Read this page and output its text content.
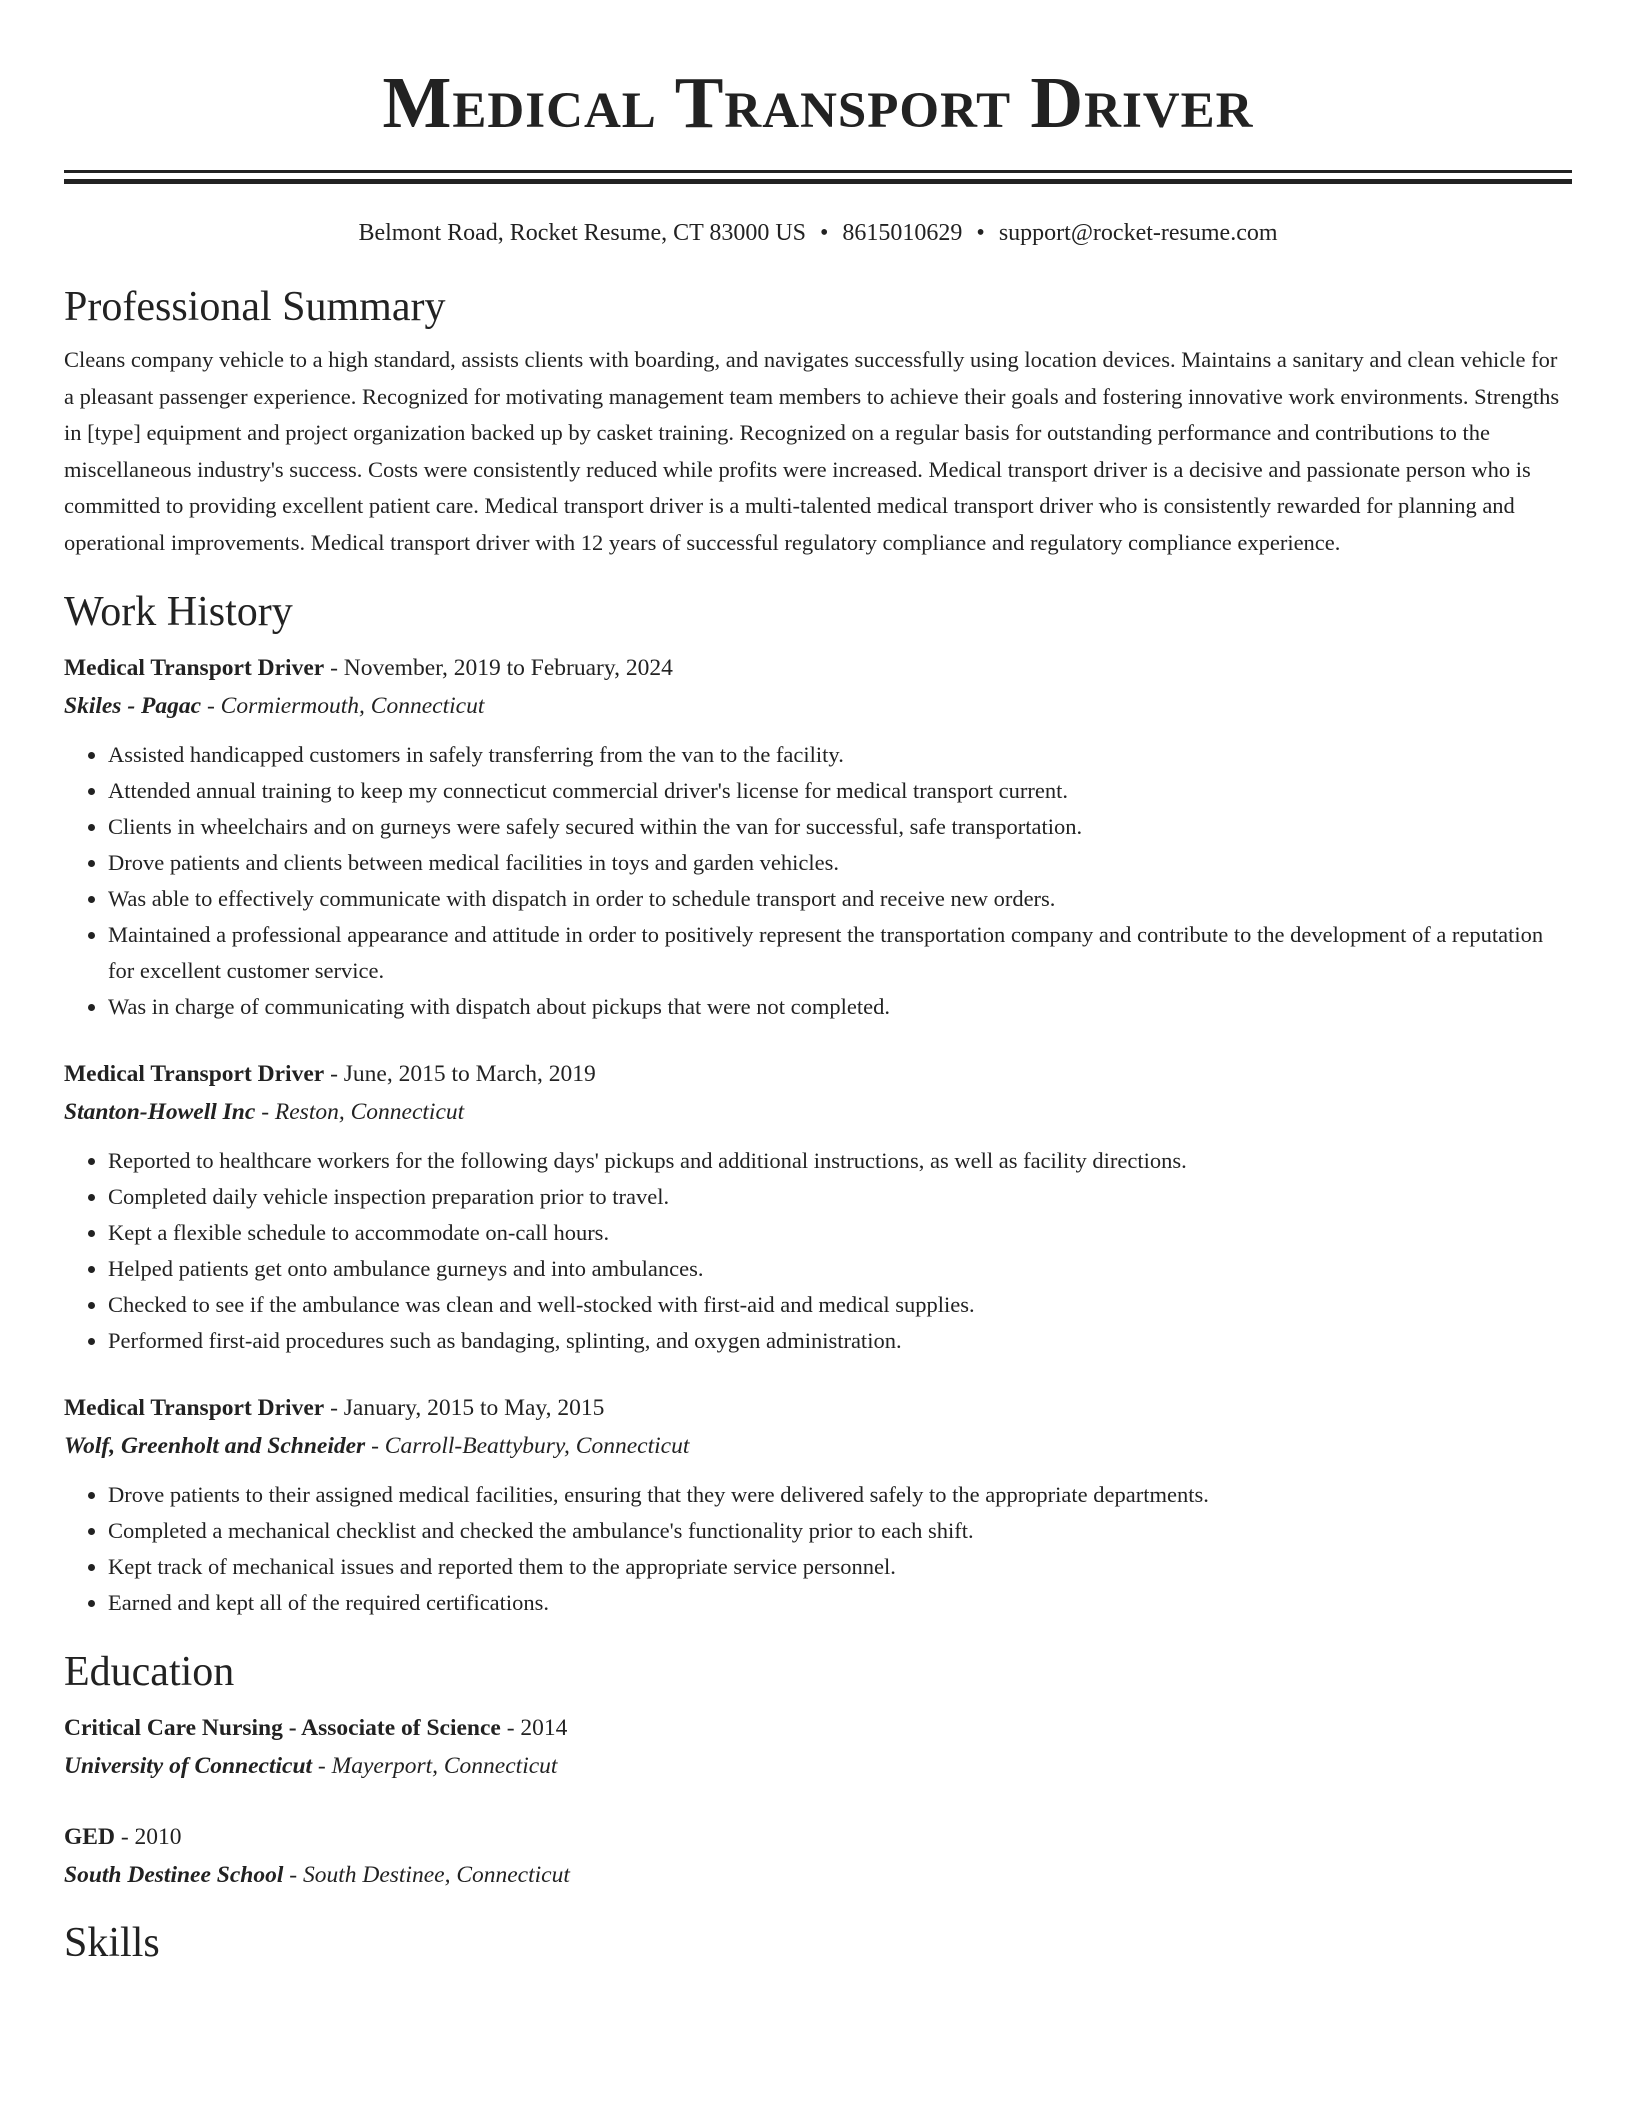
Medical Transport Driver
Belmont Road, Rocket Resume, CT 83000 US • 8615010629 • support@rocket-resume.com
Professional Summary

Cleans company vehicle to a high standard, assists clients with boarding, and navigates successfully using location devices. Maintains a sanitary and clean vehicle for a pleasant passenger experience. Recognized for motivating management team members to achieve their goals and fostering innovative work environments. Strengths in [type] equipment and project organization backed up by casket training. Recognized on a regular basis for outstanding performance and contributions to the miscellaneous industry's success. Costs were consistently reduced while profits were increased. Medical transport driver is a decisive and passionate person who is committed to providing excellent patient care. Medical transport driver is a multi-talented medical transport driver who is consistently rewarded for planning and operational improvements. Medical transport driver with 12 years of successful regulatory compliance and regulatory compliance experience.

Work History

Medical Transport Driver - November, 2019 to February, 2024

Skiles - Pagac - Cormiermouth, Connecticut

• Assisted handicapped customers in safely transferring from the van to the facility.
• Attended annual training to keep my connecticut commercial driver's license for medical transport current.
• Clients in wheelchairs and on gurneys were safely secured within the van for successful, safe transportation.
• Drove patients and clients between medical facilities in toys and garden vehicles.
• Was able to effectively communicate with dispatch in order to schedule transport and receive new orders.
• Maintained a professional appearance and attitude in order to positively represent the transportation company and contribute to the development of a reputation for excellent customer service.
• Was in charge of communicating with dispatch about pickups that were not completed.

Medical Transport Driver - June, 2015 to March, 2019

Stanton-Howell Inc - Reston, Connecticut

• Reported to healthcare workers for the following days' pickups and additional instructions, as well as facility directions.
• Completed daily vehicle inspection preparation prior to travel.
• Kept a flexible schedule to accommodate on-call hours.
• Helped patients get onto ambulance gurneys and into ambulances.
• Checked to see if the ambulance was clean and well-stocked with first-aid and medical supplies.
• Performed first-aid procedures such as bandaging, splinting, and oxygen administration.

Medical Transport Driver - January, 2015 to May, 2015

Wolf, Greenholt and Schneider - Carroll-Beattybury, Connecticut

• Drove patients to their assigned medical facilities, ensuring that they were delivered safely to the appropriate departments.
• Completed a mechanical checklist and checked the ambulance's functionality prior to each shift.
• Kept track of mechanical issues and reported them to the appropriate service personnel.
• Earned and kept all of the required certifications.
Education

Critical Care Nursing - Associate of Science - 2014

University of Connecticut - Mayerport, Connecticut

GED - 2010

South Destinee School - South Destinee, Connecticut

Skills
